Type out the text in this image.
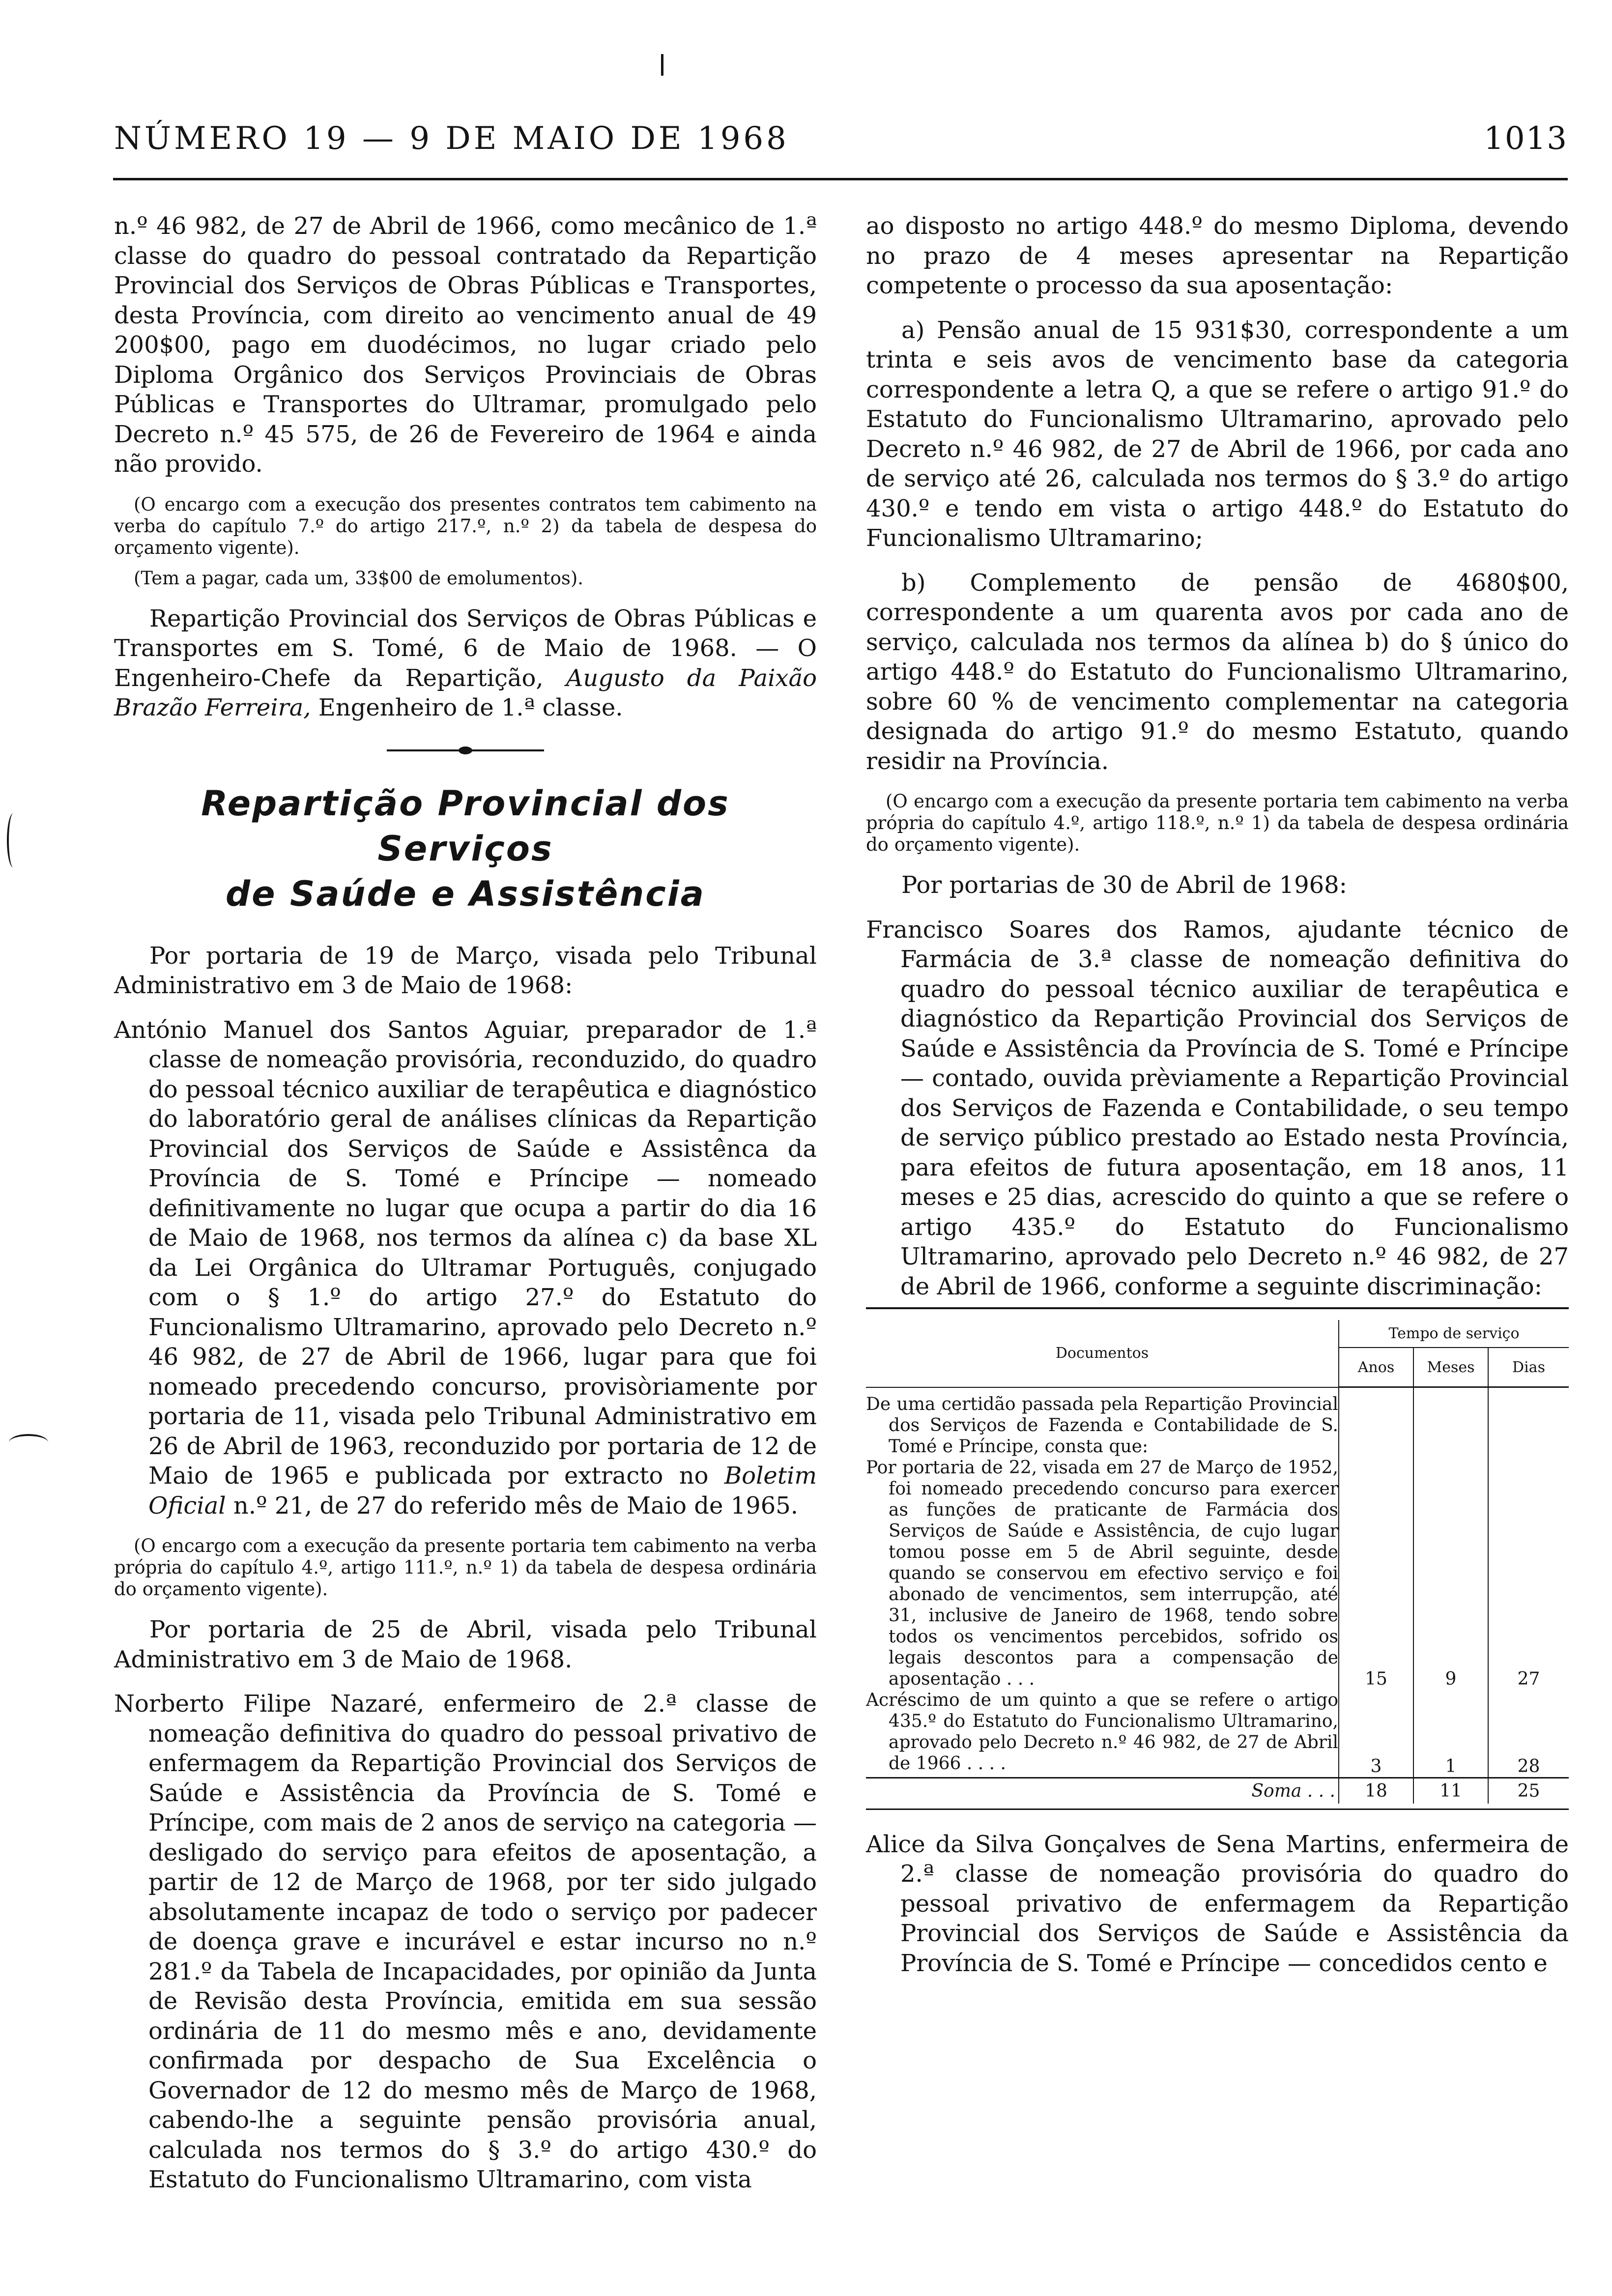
NÚMERO 19 — 9 DE MAIO DE 1968	1013

n.º 46 982, de 27 de Abril de 1966, como mecânico de 1.ª classe do quadro do pessoal contratado da Repartição Provincial dos Serviços de Obras Públicas e Transportes, desta Província, com direito ao vencimento anual de 49 200$00, pago em duodécimos, no lugar criado pelo Diploma Orgânico dos Serviços Provinciais de Obras Públicas e Transportes do Ultramar, promulgado pelo Decreto n.º 45 575, de 26 de Fevereiro de 1964 e ainda não provido.

(O encargo com a execução dos presentes contratos tem cabimento na verba do capítulo 7.º do artigo 217.º, n.º 2) da tabela de despesa do orçamento vigente).

(Tem a pagar, cada um, 33$00 de emolumentos).

Repartição Provincial dos Serviços de Obras Públicas e Transportes em S. Tomé, 6 de Maio de 1968. — O Engenheiro-Chefe da Repartição, Augusto da Paixão Brazão Ferreira, Engenheiro de 1.ª classe.

Repartição Provincial dos Serviços
de Saúde e Assistência

Por portaria de 19 de Março, visada pelo Tribunal Administrativo em 3 de Maio de 1968:

António Manuel dos Santos Aguiar, preparador de 1.ª classe de nomeação provisória, reconduzido, do quadro do pessoal técnico auxiliar de terapêutica e diagnóstico do laboratório geral de análises clínicas da Repartição Provincial dos Serviços de Saúde e Assistênca da Província de S. Tomé e Príncipe — nomeado definitivamente no lugar que ocupa a partir do dia 16 de Maio de 1968, nos termos da alínea c) da base XL da Lei Orgânica do Ultramar Português, conjugado com o § 1.º do artigo 27.º do Estatuto do Funcionalismo Ultramarino, aprovado pelo Decreto n.º 46 982, de 27 de Abril de 1966, lugar para que foi nomeado precedendo concurso, provisòriamente por portaria de 11, visada pelo Tribunal Administrativo em 26 de Abril de 1963, reconduzido por portaria de 12 de Maio de 1965 e publicada por extracto no Boletim Oficial n.º 21, de 27 do referido mês de Maio de 1965.

(O encargo com a execução da presente portaria tem cabimento na verba própria do capítulo 4.º, artigo 111.º, n.º 1) da tabela de despesa ordinária do orçamento vigente).

Por portaria de 25 de Abril, visada pelo Tribunal Administrativo em 3 de Maio de 1968.

Norberto Filipe Nazaré, enfermeiro de 2.ª classe de nomeação definitiva do quadro do pessoal privativo de enfermagem da Repartição Provincial dos Serviços de Saúde e Assistência da Província de S. Tomé e Príncipe, com mais de 2 anos de serviço na categoria — desligado do serviço para efeitos de aposentação, a partir de 12 de Março de 1968, por ter sido julgado absolutamente incapaz de todo o serviço por padecer de doença grave e incurável e estar incurso no n.º 281.º da Tabela de Incapacidades, por opinião da Junta de Revisão desta Província, emitida em sua sessão ordinária de 11 do mesmo mês e ano, devidamente confirmada por despacho de Sua Excelência o Governador de 12 do mesmo mês de Março de 1968, cabendo-lhe a seguinte pensão provisória anual, calculada nos termos do § 3.º do artigo 430.º do Estatuto do Funcionalismo Ultramarino, com vista

ao disposto no artigo 448.º do mesmo Diploma, devendo no prazo de 4 meses apresentar na Repartição competente o processo da sua aposentação:

a) Pensão anual de 15 931$30, correspondente a um trinta e seis avos de vencimento base da categoria correspondente a letra Q, a que se refere o artigo 91.º do Estatuto do Funcionalismo Ultramarino, aprovado pelo Decreto n.º 46 982, de 27 de Abril de 1966, por cada ano de serviço até 26, calculada nos termos do § 3.º do artigo 430.º e tendo em vista o artigo 448.º do Estatuto do Funcionalismo Ultramarino;

b) Complemento de pensão de 4680$00, correspondente a um quarenta avos por cada ano de serviço, calculada nos termos da alínea b) do § único do artigo 448.º do Estatuto do Funcionalismo Ultramarino, sobre 60 % de vencimento complementar na categoria designada do artigo 91.º do mesmo Estatuto, quando residir na Província.

(O encargo com a execução da presente portaria tem cabimento na verba própria do capítulo 4.º, artigo 118.º, n.º 1) da tabela de despesa ordinária do orçamento vigente).

Por portarias de 30 de Abril de 1968:

Francisco Soares dos Ramos, ajudante técnico de Farmácia de 3.ª classe de nomeação definitiva do quadro do pessoal técnico auxiliar de terapêutica e diagnóstico da Repartição Provincial dos Serviços de Saúde e Assistência da Província de S. Tomé e Príncipe — contado, ouvida prèviamente a Repartição Provincial dos Serviços de Fazenda e Contabilidade, o seu tempo de serviço público prestado ao Estado nesta Província, para efeitos de futura aposentação, em 18 anos, 11 meses e 25 dias, acrescido do quinto a que se refere o artigo 435.º do Estatuto do Funcionalismo Ultramarino, aprovado pelo Decreto n.º 46 982, de 27 de Abril de 1966, conforme a seguinte discriminação:

Documentos	Tempo de serviço		
	Anos	Meses	Dias
De uma certidão passada pela Repartição Provincial dos Serviços de Fazenda e Contabilidade de S. Tomé e Príncipe, consta que:			
Por portaria de 22, visada em 27 de Março de 1952, foi nomeado precedendo concurso para exercer as funções de praticante de Farmácia dos Serviços de Saúde e Assistência, de cujo lugar tomou posse em 5 de Abril seguinte, desde quando se conservou em efectivo serviço e foi abonado de vencimentos, sem interrupção, até 31, inclusive de Janeiro de 1968, tendo sobre todos os vencimentos percebidos, sofrido os legais descontos para a compensação de aposentação . . .	15	9	27
Acréscimo de um quinto a que se refere o artigo 435.º do Estatuto do Funcionalismo Ultramarino, aprovado pelo Decreto n.º 46 982, de 27 de Abril de 1966 . . . .	3	1	28
Soma . . .	18	11	25

Alice da Silva Gonçalves de Sena Martins, enfermeira de 2.ª classe de nomeação provisória do quadro do pessoal privativo de enfermagem da Repartição Provincial dos Serviços de Saúde e Assistência da Província de S. Tomé e Príncipe — concedidos cento e
